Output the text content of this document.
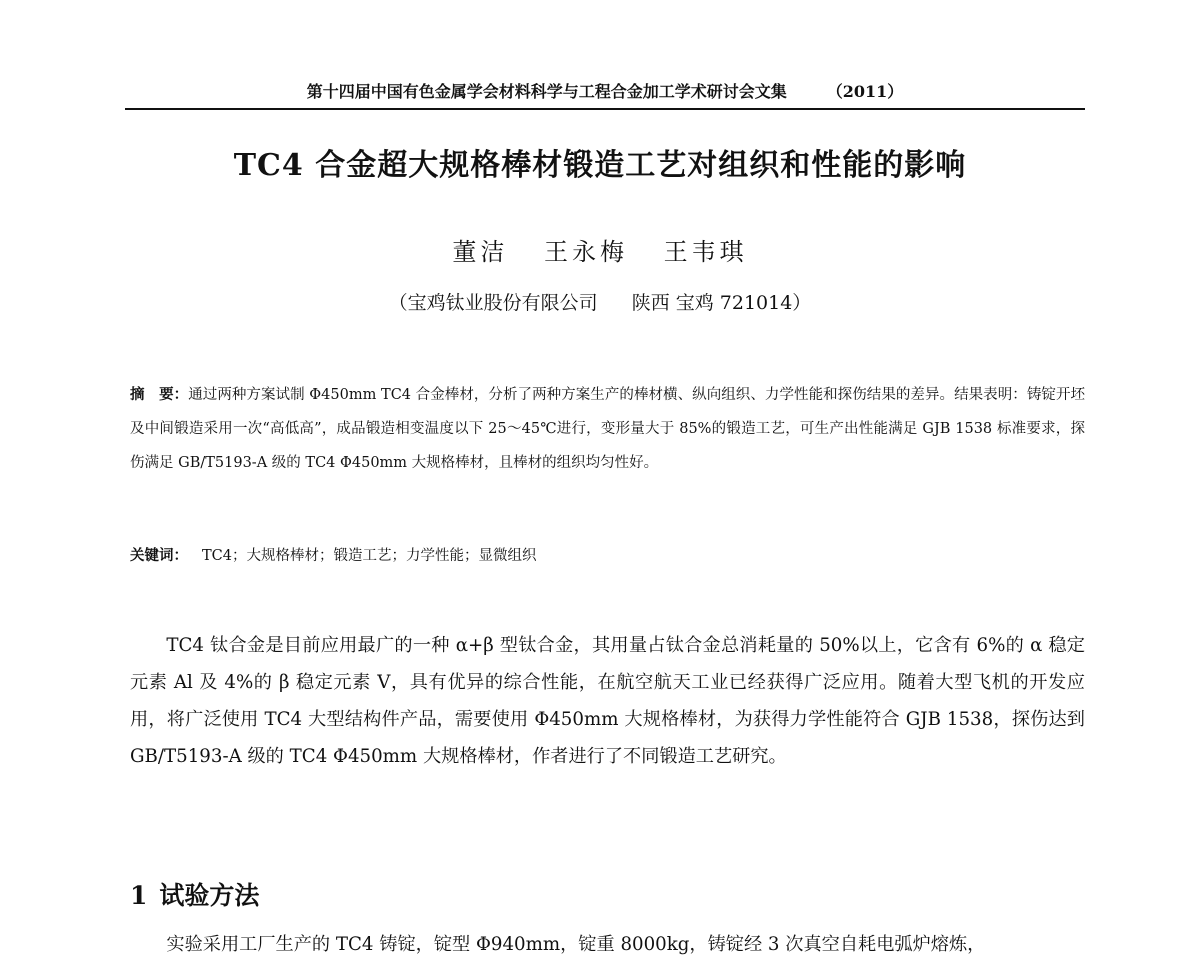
第十四届中国有色金属学会材料科学与工程合金加工学术研讨会文集	（2011）
TC4 合金超大规格棒材锻造工艺对组织和性能的影响
董洁 王永梅 王韦琪
（宝鸡钛业股份有限公司 陕西 宝鸡 721014）
摘　要：通过两种方案试制 Φ450mm TC4 合金棒材，分析了两种方案生产的棒材横、纵向组织、力学性能和探伤结果的差异。结果表明：铸锭开坯及中间锻造采用一次“高低高”，成品锻造相变温度以下 25～45℃进行，变形量大于 85%的锻造工艺，可生产出性能满足 GJB 1538 标准要求，探伤满足 GB/T5193-A 级的 TC4 Φ450mm 大规格棒材，且棒材的组织均匀性好。
关键词： TC4；大规格棒材；锻造工艺；力学性能；显微组织
TC4 钛合金是目前应用最广的一种 α+β 型钛合金，其用量占钛合金总消耗量的 50%以上，它含有 6%的 α 稳定元素 Al 及 4%的 β 稳定元素 V，具有优异的综合性能，在航空航天工业已经获得广泛应用。随着大型飞机的开发应用，将广泛使用 TC4 大型结构件产品，需要使用 Φ450mm 大规格棒材，为获得力学性能符合 GJB 1538，探伤达到 GB/T5193-A 级的 TC4 Φ450mm 大规格棒材，作者进行了不同锻造工艺研究。
1 试验方法
实验采用工厂生产的 TC4 铸锭，锭型 Φ940mm，锭重 8000kg，铸锭经 3 次真空自耗电弧炉熔炼，
